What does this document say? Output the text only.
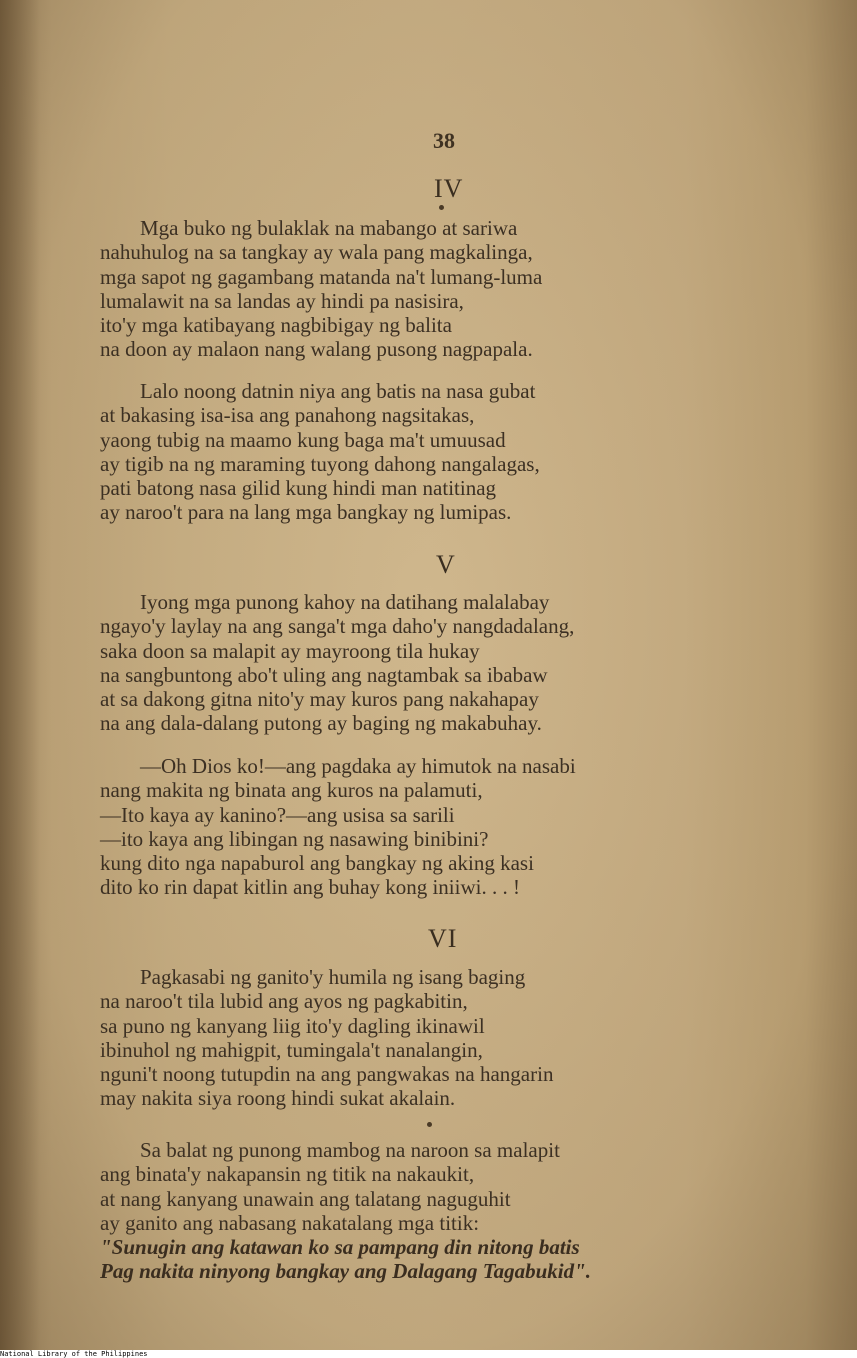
38
IV
Mga buko ng bulaklak na mabango at sariwa
nahuhulog na sa tangkay ay wala pang magkalinga,
mga sapot ng gagambang matanda na't lumang-luma
lumalawit na sa landas ay hindi pa nasisira,
ito'y mga katibayang nagbibigay ng balita
na doon ay malaon nang walang pusong nagpapala.
Lalo noong datnin niya ang batis na nasa gubat
at bakasing isa-isa ang panahong nagsitakas,
yaong tubig na maamo kung baga ma't umuusad
ay tigib na ng maraming tuyong dahong nangalagas,
pati batong nasa gilid kung hindi man natitinag
ay naroo't para na lang mga bangkay ng lumipas.
V
Iyong mga punong kahoy na datihang malalabay
ngayo'y laylay na ang sanga't mga daho'y nangdadalang,
saka doon sa malapit ay mayroong tila hukay
na sangbuntong abo't uling ang nagtambak sa ibabaw
at sa dakong gitna nito'y may kuros pang nakahapay
na ang dala-dalang putong ay baging ng makabuhay.
—Oh Dios ko!—ang pagdaka ay himutok na nasabi
nang makita ng binata ang kuros na palamuti,
—Ito kaya ay kanino?—ang usisa sa sarili
—ito kaya ang libingan ng nasawing binibini?
kung dito nga napaburol ang bangkay ng aking kasi
dito ko rin dapat kitlin ang buhay kong iniiwi. . . !
VI
Pagkasabi ng ganito'y humila ng isang baging
na naroo't tila lubid ang ayos ng pagkabitin,
sa puno ng kanyang liig ito'y dagling ikinawil
ibinuhol ng mahigpit, tumingala't nanalangin,
nguni't noong tutupdin na ang pangwakas na hangarin
may nakita siya roong hindi sukat akalain.
Sa balat ng punong mambog na naroon sa malapit
ang binata'y nakapansin ng titik na nakaukit,
at nang kanyang unawain ang talatang naguguhit
ay ganito ang nabasang nakatalang mga titik:
"Sunugin ang katawan ko sa pampang din nitong batis
Pag nakita ninyong bangkay ang Dalagang Tagabukid".
National Library of the Philippines
